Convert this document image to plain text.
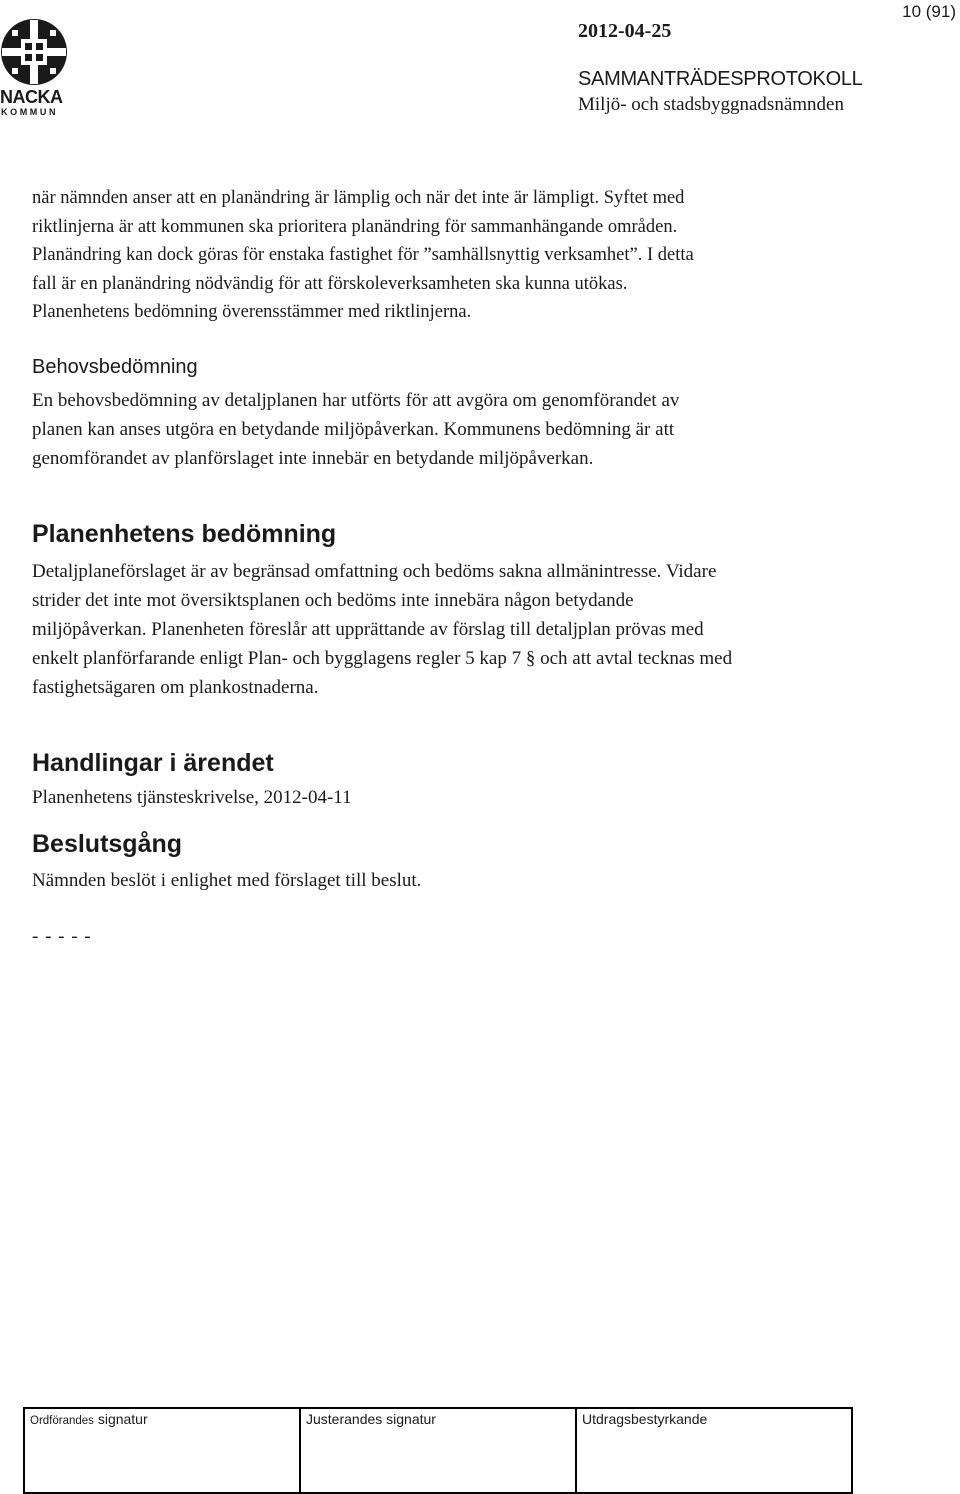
10 (91)
NACKA
KOMMUN
2012-04-25
SAMMANTRÄDESPROTOKOLL
Miljö- och stadsbyggnadsnämnden
när nämnden anser att en planändring är lämplig och när det inte är lämpligt. Syftet med
riktlinjerna är att kommunen ska prioritera planändring för sammanhängande områden.
Planändring kan dock göras för enstaka fastighet för ”samhällsnyttig verksamhet”. I detta
fall är en planändring nödvändig för att förskoleverksamheten ska kunna utökas.
Planenhetens bedömning överensstämmer med riktlinjerna.
Behovsbedömning
En behovsbedömning av detaljplanen har utförts för att avgöra om genomförandet av
planen kan anses utgöra en betydande miljöpåverkan. Kommunens bedömning är att
genomförandet av planförslaget inte innebär en betydande miljöpåverkan.
Planenhetens bedömning
Detaljplaneförslaget är av begränsad omfattning och bedöms sakna allmänintresse. Vidare
strider det inte mot översiktsplanen och bedöms inte innebära någon betydande
miljöpåverkan. Planenheten föreslår att upprättande av förslag till detaljplan prövas med
enkelt planförfarande enligt Plan- och bygglagens regler 5 kap 7 § och att avtal tecknas med
fastighetsägaren om plankostnaderna.
Handlingar i ärendet
Planenhetens tjänsteskrivelse, 2012-04-11
Beslutsgång
Nämnden beslöt i enlighet med förslaget till beslut.
- - - - -
Ordförandes signatur	Justerandes signatur	Utdragsbestyrkande
